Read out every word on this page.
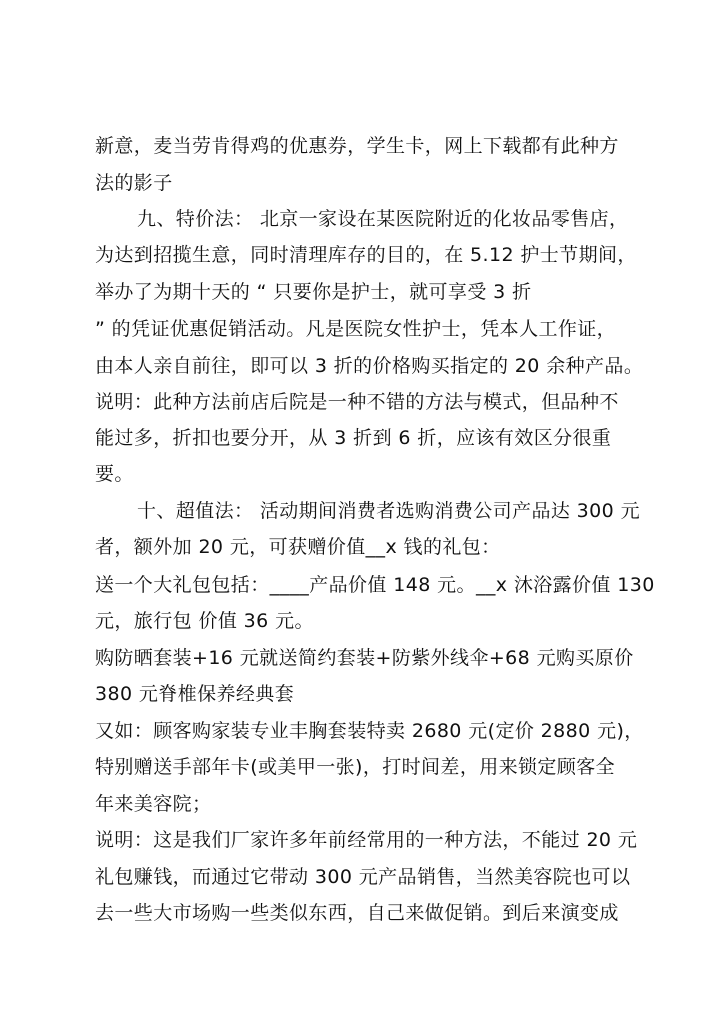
新意，麦当劳肯得鸡的优惠券，学生卡，网上下载都有此种方
法的影子
九、特价法： 北京一家设在某医院附近的化妆品零售店，
为达到招揽生意，同时清理库存的目的，在 5.12 护士节期间，
举办了为期十天的 “ 只要你是护士，就可享受 3 折
” 的凭证优惠促销活动。凡是医院女性护士，凭本人工作证，
由本人亲自前往，即可以 3 折的价格购买指定的 20 余种产品。
说明：此种方法前店后院是一种不错的方法与模式，但品种不
能过多，折扣也要分开，从 3 折到 6 折，应该有效区分很重
要。
十、超值法： 活动期间消费者选购消费公司产品达 300 元
者，额外加 20 元，可获赠价值__x 钱的礼包：
送一个大礼包包括：____产品价值 148 元。__x 沐浴露价值 130
元，旅行包 价值 36 元。
购防晒套装+16 元就送简约套装+防紫外线伞+68 元购买原价
380 元脊椎保养经典套
又如：顾客购家装专业丰胸套装特卖 2680 元(定价 2880 元)，
特别赠送手部年卡(或美甲一张)，打时间差，用来锁定顾客全
年来美容院；
说明：这是我们厂家许多年前经常用的一种方法，不能过 20 元
礼包赚钱，而通过它带动 300 元产品销售，当然美容院也可以
去一些大市场购一些类似东西，自己来做促销。到后来演变成
